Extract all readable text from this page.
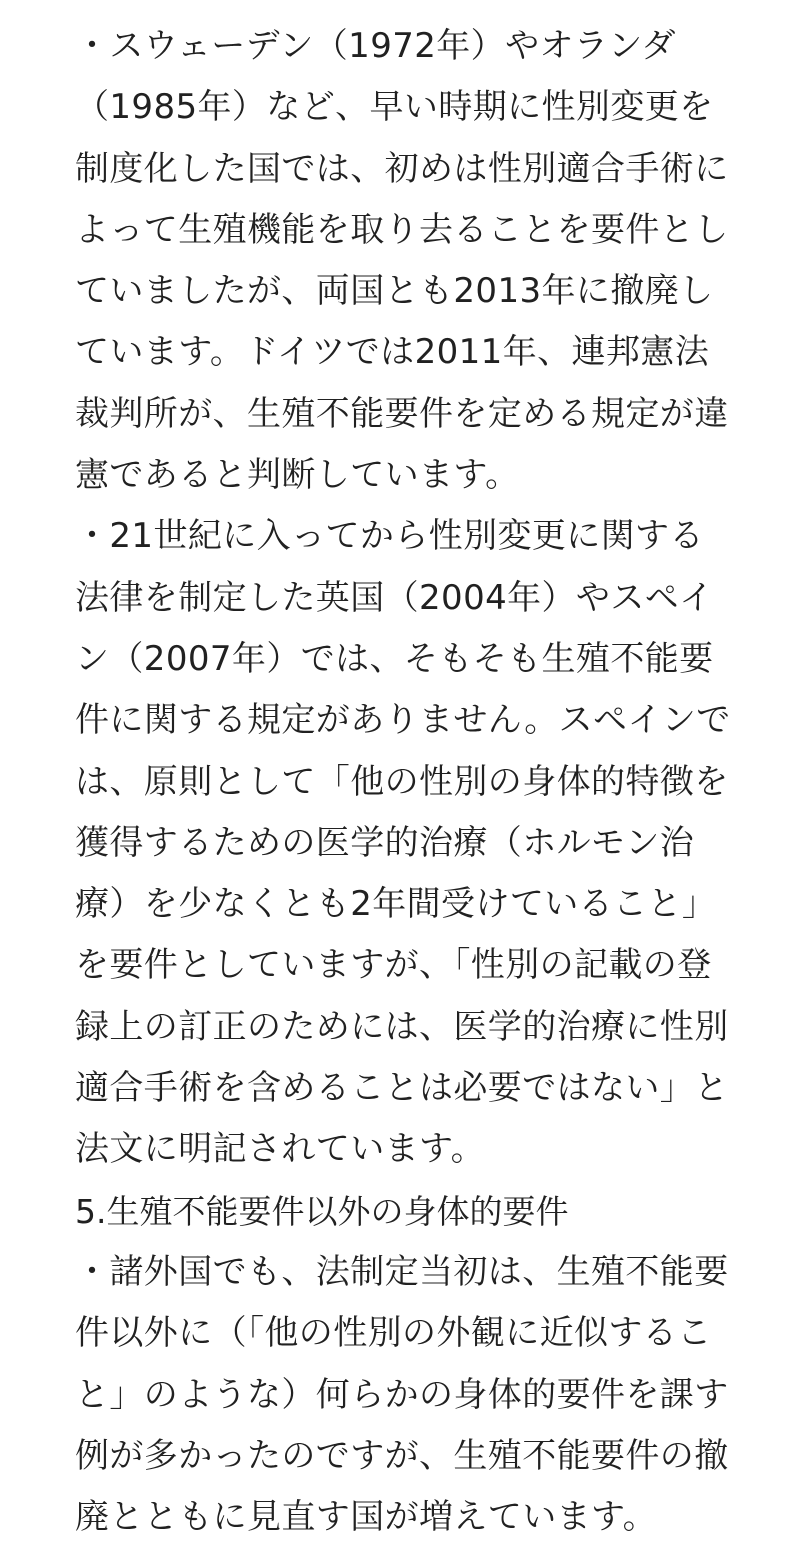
・スウェーデン（1972年）やオランダ
（1985年）など、早い時期に性別変更を
制度化した国では、初めは性別適合手術に
よって生殖機能を取り去ることを要件とし
ていましたが、両国とも2013年に撤廃し
ています。ドイツでは2011年、連邦憲法
裁判所が、生殖不能要件を定める規定が違
憲であると判断しています。
・21世紀に入ってから性別変更に関する
法律を制定した英国（2004年）やスペイ
ン（2007年）では、そもそも生殖不能要
件に関する規定がありません。スペインで
は、原則として「他の性別の身体的特徴を
獲得するための医学的治療（ホルモン治
療）を少なくとも2年間受けていること」
を要件としていますが、「性別の記載の登
録上の訂正のためには、医学的治療に性別
適合手術を含めることは必要ではない」と
法文に明記されています。
5.生殖不能要件以外の身体的要件
・諸外国でも、法制定当初は、生殖不能要
件以外に（「他の性別の外観に近似するこ
と」のような）何らかの身体的要件を課す
例が多かったのですが、生殖不能要件の撤
廃とともに見直す国が増えています。
